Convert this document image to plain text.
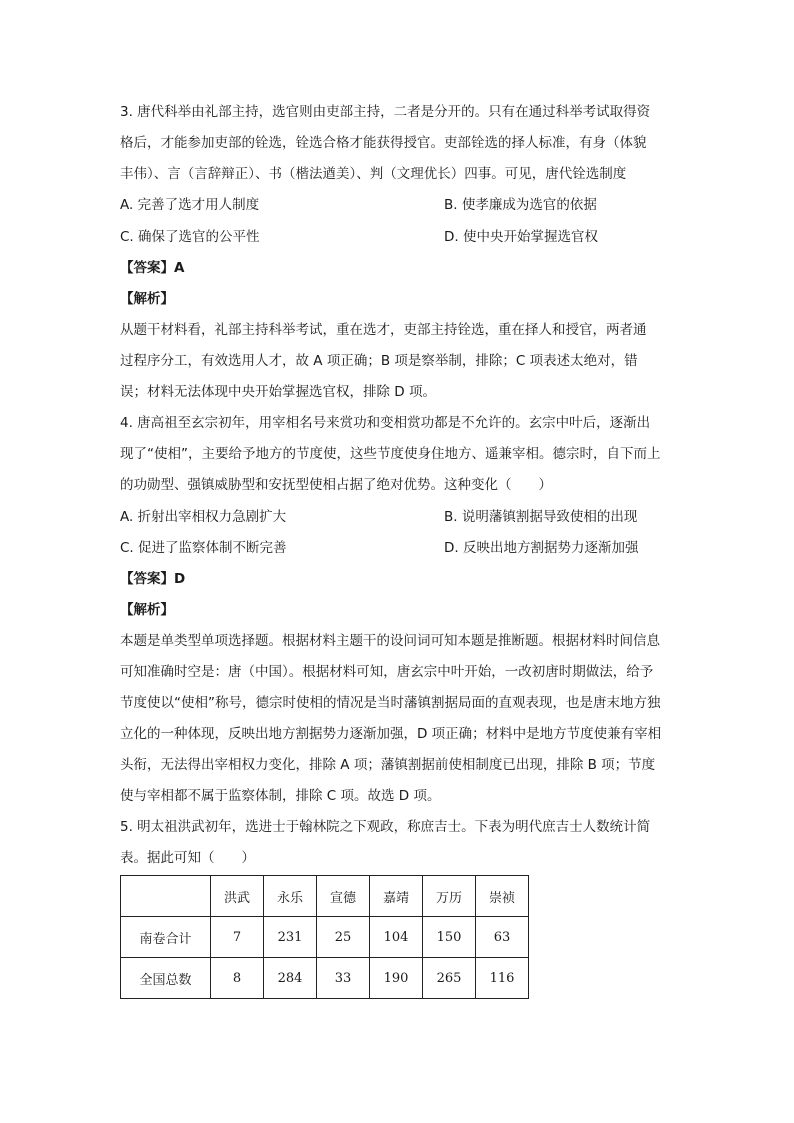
3. 唐代科举由礼部主持，选官则由吏部主持，二者是分开的。只有在通过科举考试取得资
格后，才能参加吏部的铨选，铨选合格才能获得授官。吏部铨选的择人标准，有身（体貌
丰伟）、言（言辞辩正）、书（楷法遒美）、判（文理优长）四事。可见，唐代铨选制度
A. 完善了选才用人制度	B. 使孝廉成为选官的依据
C. 确保了选官的公平性	D. 使中央开始掌握选官权
【答案】A
【解析】
从题干材料看，礼部主持科举考试，重在选才，吏部主持铨选，重在择人和授官，两者通
过程序分工，有效选用人才，故 A 项正确；B 项是察举制，排除；C 项表述太绝对，错
误；材料无法体现中央开始掌握选官权，排除 D 项。
4. 唐高祖至玄宗初年，用宰相名号来赏功和变相赏功都是不允许的。玄宗中叶后，逐渐出
现了“使相”，主要给予地方的节度使，这些节度使身住地方、遥兼宰相。德宗时，自下而上
的功勋型、强镇威胁型和安抚型使相占据了绝对优势。这种变化（　　）
A. 折射出宰相权力急剧扩大	B. 说明藩镇割据导致使相的出现
C. 促进了监察体制不断完善	D. 反映出地方割据势力逐渐加强
【答案】D
【解析】
本题是单类型单项选择题。根据材料主题干的设问词可知本题是推断题。根据材料时间信息
可知准确时空是：唐（中国）。根据材料可知，唐玄宗中叶开始，一改初唐时期做法，给予
节度使以“使相”称号，德宗时使相的情况是当时藩镇割据局面的直观表现，也是唐末地方独
立化的一种体现，反映出地方割据势力逐渐加强，D 项正确；材料中是地方节度使兼有宰相
头衔，无法得出宰相权力变化，排除 A 项；藩镇割据前使相制度已出现，排除 B 项；节度
使与宰相都不属于监察体制，排除 C 项。故选 D 项。
5. 明太祖洪武初年，选进士于翰林院之下观政，称庶吉士。下表为明代庶吉士人数统计简
表。据此可知（　　）
	洪武	永乐	宣德	嘉靖	万历	崇祯
南卷合计	7	231	25	104	150	63
全国总数	8	284	33	190	265	116
